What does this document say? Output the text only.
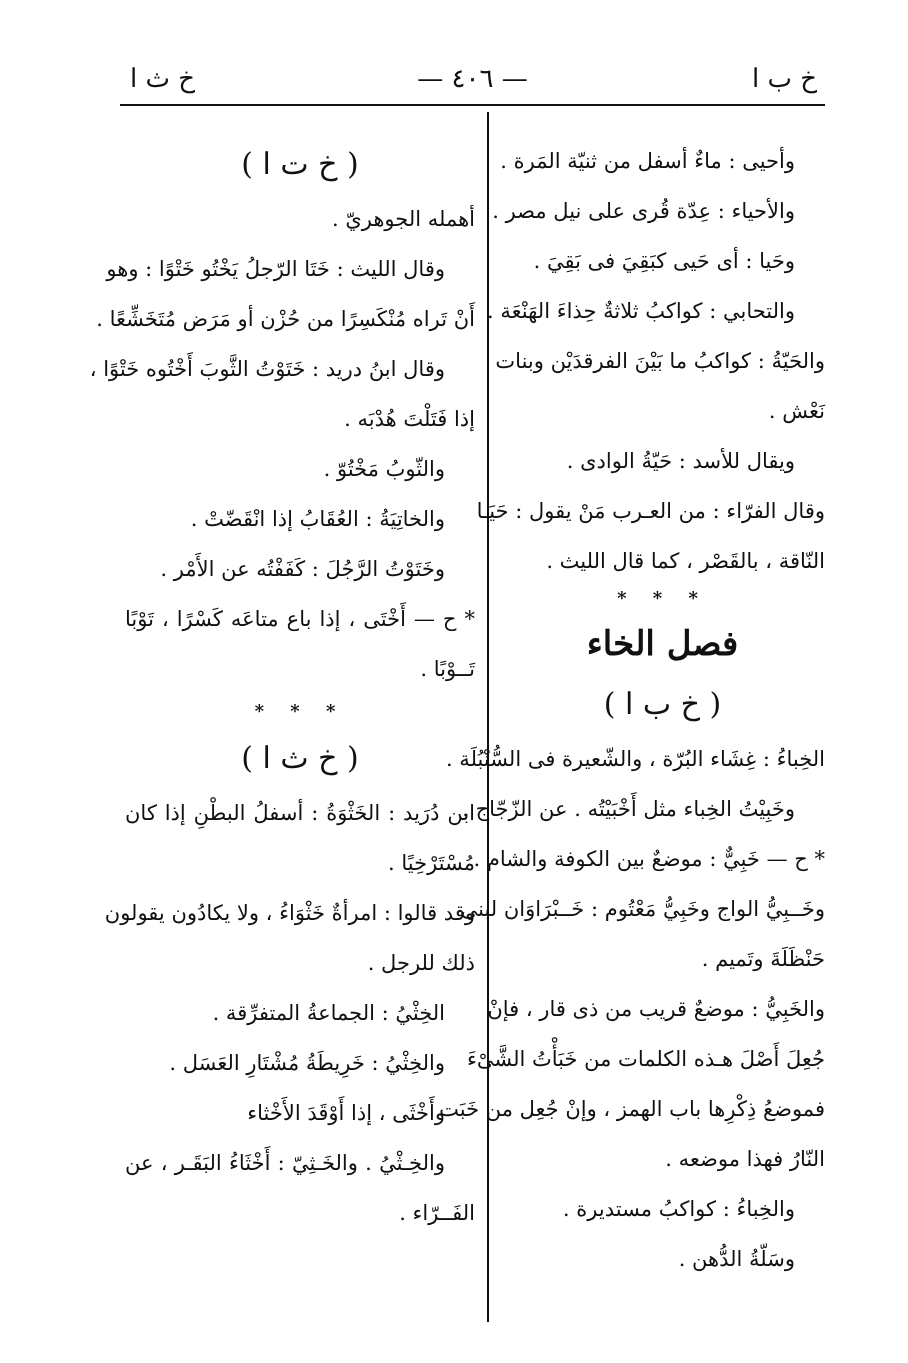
خ ب ا
— ٤٠٦ —
خ ث ا
وأحيى : ماءٌ أسفل من ثنيّة المَرة .
والأحياء : عِدّة قُرى على نيل مصر .
وحَيا : أى حَيى كبَقِيَ فى بَقِيَ .
والتحابي : كواكبُ ثلاثةٌ حِذاءَ الهَنْعَة .
والحَيّةُ : كواكبُ ما بَيْنَ الفرقدَيْن وبنات
نَعْش .
ويقال للأسد : حَيّةُ الوادى .
وقال الفرّاء : من العـرب مَنْ يقول : حَيَـا
النّاقة ، بالقَصْر ، كما قال الليث .
* * *
فصل الخاء
( خ ب ا )
الخِباءُ : غِشَاء البُرّة ، والشّعيرة فى السُّنْبُلَة .
وخَبِيْتُ الخِباء مثل أَخْبَيْتُه . عن الزّجّاج .
* ح — خَبِيٌّ : موضعٌ بين الكوفة والشام .
وخَــبِيُّ الواج وخَبِيُّ مَعْتُوم : خَــبْرَاوَان لبنى
حَنْظَلَةَ وتَميم .
والخَبِيُّ : موضعٌ قريب من ذى قار ، فإنْ
جُعِلَ أَصْلَ هـذه الكلمات من خَبَأْتُ الشَّىْءَ
فموضعُ ذِكْرِها باب الهمز ، وإنْ جُعِل من خَبَت
النّارُ فهذا موضعه .
والخِباءُ : كواكبُ مستديرة .
وسَلّةُ الدُّهن .
( خ ت ا )
أهمله الجوهريّ .
وقال الليث : خَتَا الرّجلُ يَخْتُو خَتْوًا : وهو
أَنْ تَراه مُنْكَسِرًا من حُزْن أو مَرَض مُتَخَشِّعًا .
وقال ابنُ دريد : خَتَوْتُ الثَّوبَ أَخْتُوه خَتْوًا ،
إذا فَتَلْتَ هُدْبَه .
والثّوبُ مَخْتُوّ .
والخاتِيَةُ : العُقَابُ إذا انْقَضّتْ .
وخَتَوْتُ الرَّجُلَ : كَفَفْتُه عن الأَمْر .
* ح — أَخْتَى ، إذا باع متاعَه كَسْرًا ، تَوْبًا
تَــوْبًا .
* * *
( خ ث ا )
ابن دُرَيد : الخَثْوَةُ : أسفلُ البطْنِ إذا كان
مُسْتَرْخِيًا .
وقد قالوا : امرأةٌ خَثْوَاءُ ، ولا يكادُون يقولون
ذلك للرجل .
الخِثْيُ : الجماعةُ المتفرِّقة .
والخِثْيُ : خَرِيطَةُ مُشْتَارِ العَسَل .
وأَخْثَى ، إذا أَوْقَدَ الأَخْثاء
والخِـثْيُ . والخَـثِيّ : أَخْثَاءُ البَقَـر ، عن
الفَــرّاء .
